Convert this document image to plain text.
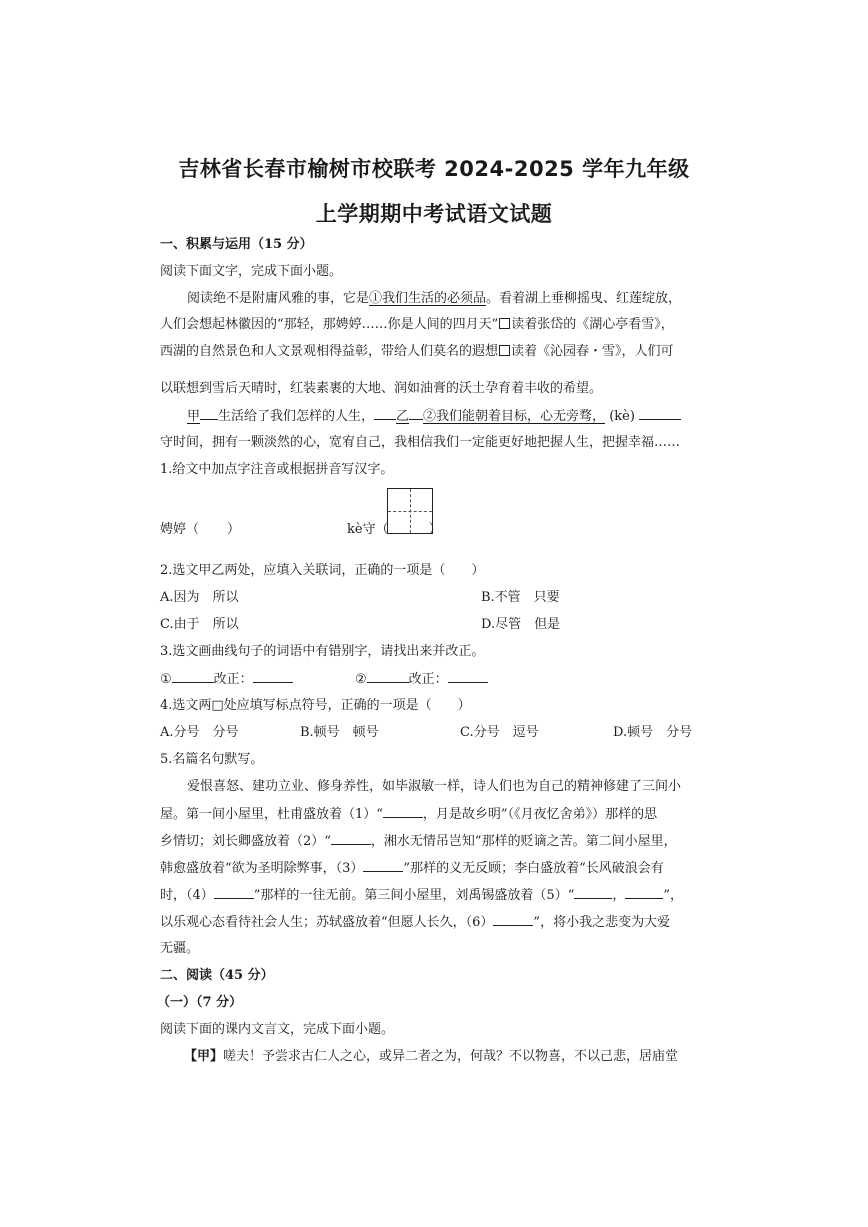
吉林省长春市榆树市校联考 2024-2025 学年九年级
上学期期中考试语文试题
一、积累与运用（15 分）
阅读下面文字，完成下面小题。
阅读绝不是附庸风雅的事，它是①我们生活的必须品。看着湖上垂柳摇曳、红莲绽放，
人们会想起林徽因的“那轻，那娉婷……你是人间的四月天” 读着张岱的《湖心亭看雪》，
西湖的自然景色和人文景观相得益彰，带给人们莫名的遐想 读着《沁园春・雪》，人们可
以联想到雪后天晴时，红装素裹的大地、润如油膏的沃土孕育着丰收的希望。
甲 生活给了我们怎样的人生， 乙 ②我们能朝着目标，心无旁骛， (kè)
守时间，拥有一颗淡然的心，宽宥自己，我相信我们一定能更好地把握人生，把握幸福……
1.给文中加点字注音或根据拼音写汉字。
娉婷（ ）	kè守（	）
2.选文甲乙两处，应填入关联词，正确的一项是（　　）
A.因为　所以	B.不管　只要
C.由于　所以	D.尽管　但是
3.选文画曲线句子的词语中有错别字，请找出来并改正。
①	改正：	②	改正：
4.选文两□处应填写标点符号，正确的一项是（　　）
A.分号　分号	B.顿号　顿号	C.分号　逗号	D.顿号　分号
5.名篇名句默写。
爱恨喜怒、建功立业、修身养性，如毕淑敏一样，诗人们也为自己的精神修建了三间小
屋。第一间小屋里，杜甫盛放着（1）“	，月是故乡明”（《月夜忆舍弟》）那样的思
乡情切；刘长卿盛放着（2）“	，湘水无情吊岂知”那样的贬谪之苦。第二间小屋里，
韩愈盛放着“欲为圣明除弊事，（3）	”那样的义无反顾；李白盛放着“长风破浪会有
时，（4）	”那样的一往无前。第三间小屋里，刘禹锡盛放着（5）“	，	”，
以乐观心态看待社会人生；苏轼盛放着“但愿人长久，（6）	”，将小我之悲变为大爱
无疆。
二、阅读（45 分）
（一）（7 分）
阅读下面的课内文言文，完成下面小题。
【甲】嗟夫！予尝求古仁人之心，或异二者之为，何哉？不以物喜，不以己悲，居庙堂
